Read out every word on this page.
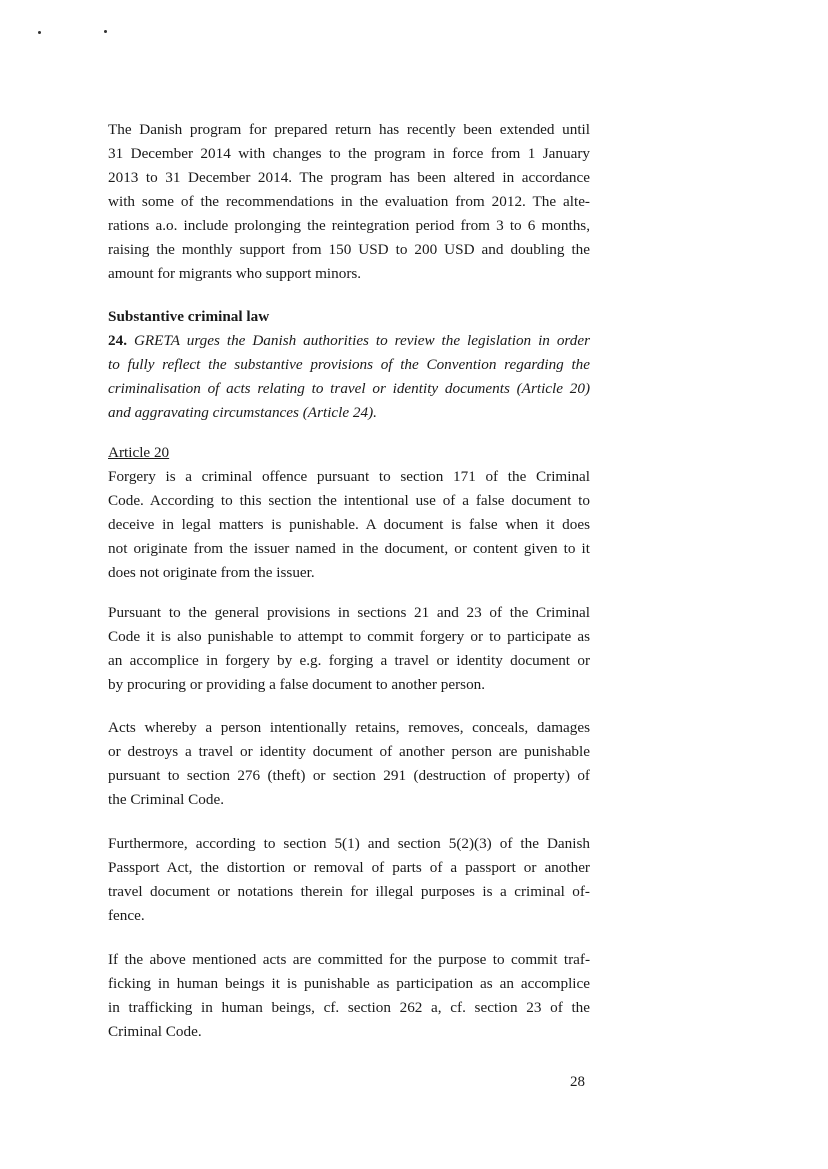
The Danish program for prepared return has recently been extended until
31 December 2014 with changes to the program in force from 1 January
2013 to 31 December 2014. The program has been altered in accordance
with some of the recommendations in the evaluation from 2012. The alte-
rations a.o. include prolonging the reintegration period from 3 to 6 months,
raising the monthly support from 150 USD to 200 USD and doubling the
amount for migrants who support minors.
Substantive criminal law
24. GRETA urges the Danish authorities to review the legislation in order
to fully reflect the substantive provisions of the Convention regarding the
criminalisation of acts relating to travel or identity documents (Article 20)
and aggravating circumstances (Article 24).
Article 20
Forgery is a criminal offence pursuant to section 171 of the Criminal
Code. According to this section the intentional use of a false document to
deceive in legal matters is punishable. A document is false when it does
not originate from the issuer named in the document, or content given to it
does not originate from the issuer.
Pursuant to the general provisions in sections 21 and 23 of the Criminal
Code it is also punishable to attempt to commit forgery or to participate as
an accomplice in forgery by e.g. forging a travel or identity document or
by procuring or providing a false document to another person.
Acts whereby a person intentionally retains, removes, conceals, damages
or destroys a travel or identity document of another person are punishable
pursuant to section 276 (theft) or section 291 (destruction of property) of
the Criminal Code.
Furthermore, according to section 5(1) and section 5(2)(3) of the Danish
Passport Act, the distortion or removal of parts of a passport or another
travel document or notations therein for illegal purposes is a criminal of-
fence.
If the above mentioned acts are committed for the purpose to commit traf-
ficking in human beings it is punishable as participation as an accomplice
in trafficking in human beings, cf. section 262 a, cf. section 23 of the
Criminal Code.
28
